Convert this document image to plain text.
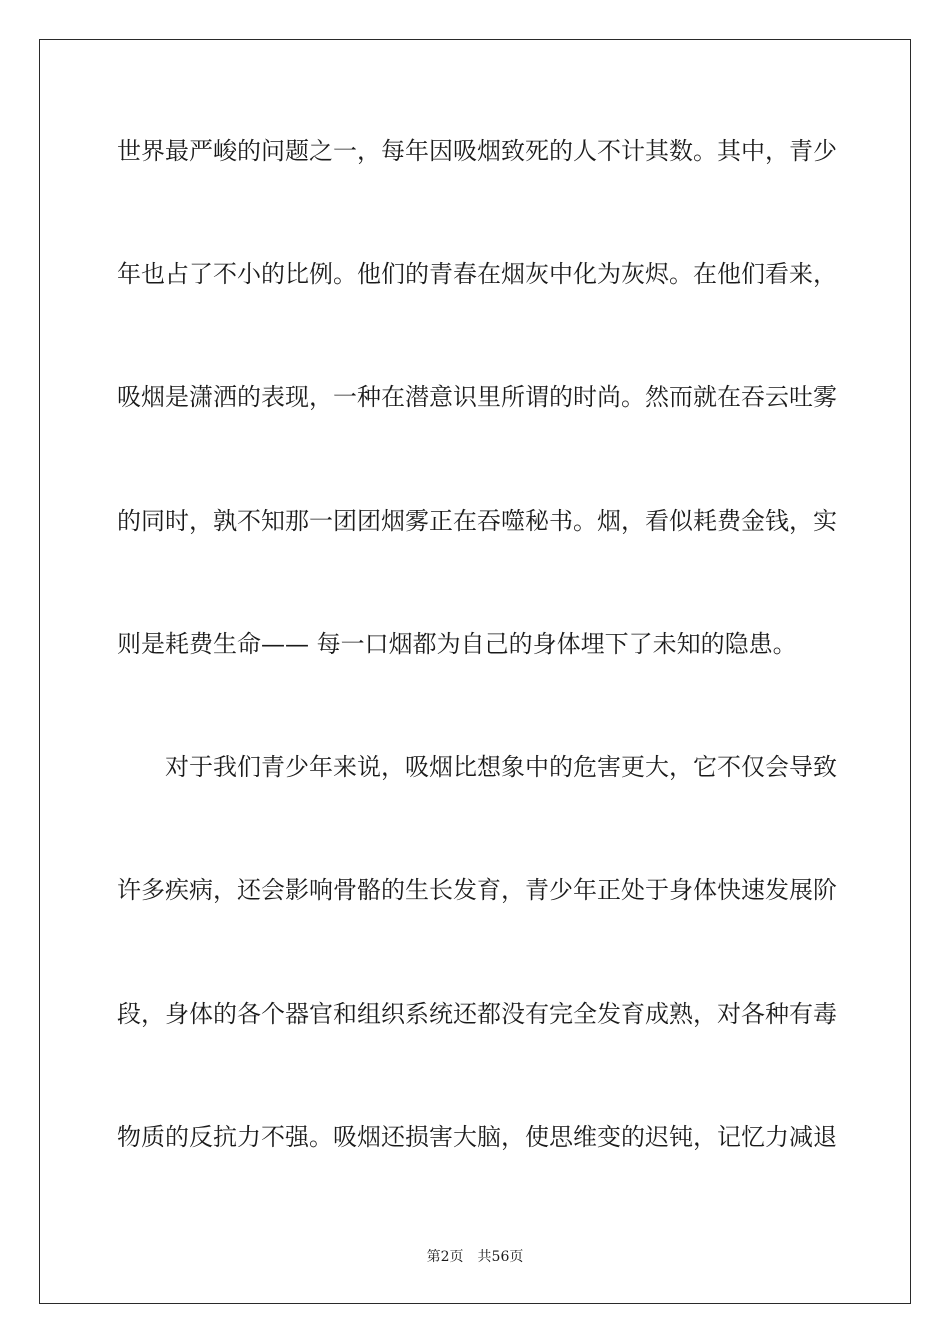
世界最严峻的问题之一，每年因吸烟致死的人不计其数。其中，青少
年也占了不小的比例。他们的青春在烟灰中化为灰烬。在他们看来，
吸烟是潇洒的表现，一种在潜意识里所谓的时尚。然而就在吞云吐雾
的同时，孰不知那一团团烟雾正在吞噬秘书。烟，看似耗费金钱，实
则是耗费生命—— 每一口烟都为自己的身体埋下了未知的隐患。
对于我们青少年来说，吸烟比想象中的危害更大，它不仅会导致
许多疾病，还会影响骨骼的生长发育，青少年正处于身体快速发展阶
段，身体的各个器官和组织系统还都没有完全发育成熟，对各种有毒
物质的反抗力不强。吸烟还损害大脑，使思维变的迟钝，记忆力减退
第2页 共56页
